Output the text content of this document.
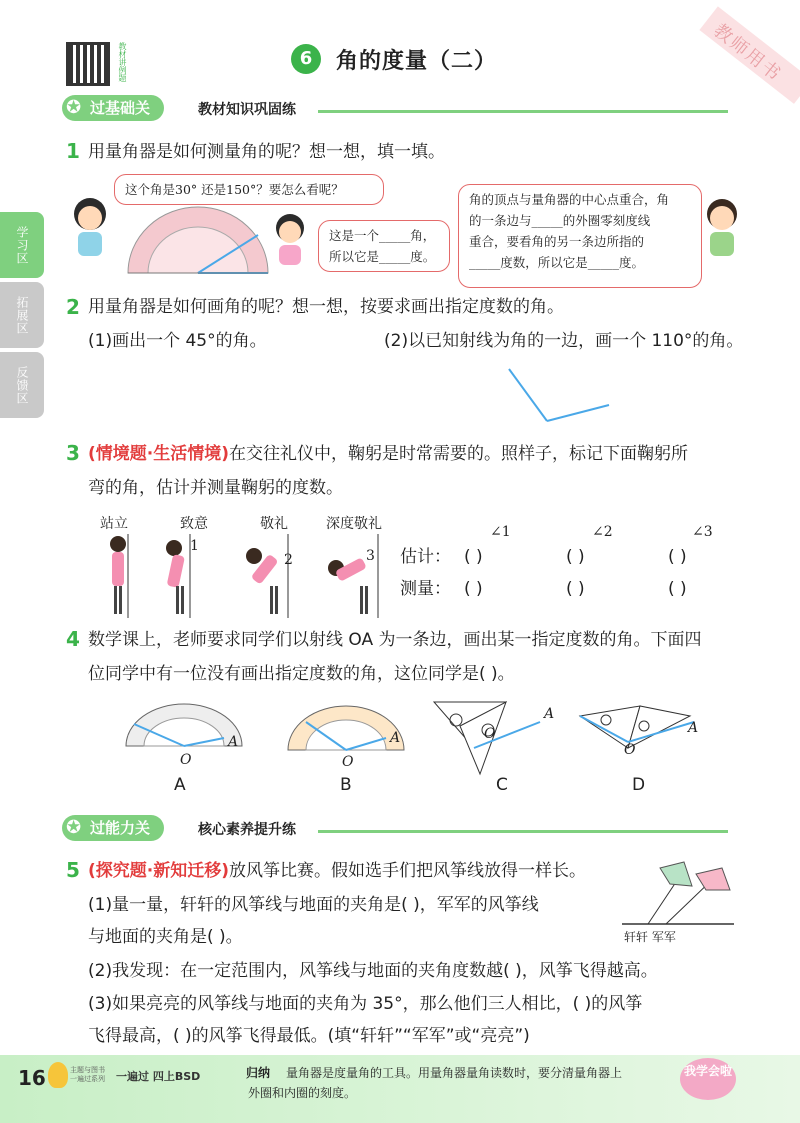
教材讲例题	6	角的度量（二）	教师用书
学习区
拓展区
反馈区
过基础关
✪	教材知识巩固练
1 用量角器是如何测量角的呢？想一想，填一填。
这个角是30° 还是150°？要怎么看呢？
这是一个_____角，
所以它是_____度。
角的顶点与量角器的中心点重合，角
的一条边与_____的外圈零刻度线
重合，要看角的另一条边所指的
_____度数，所以它是_____度。
2 用量角器是如何画角的呢？想一想，按要求画出指定度数的角。
(1)画出一个 45°的角。	(2)以已知射线为角的一边，画一个 110°的角。
3 (情境题·生活情境)在交往礼仪中，鞠躬是时常需要的。照样子，标记下面鞠躬所
弯的角，估计并测量鞠躬的度数。
站立	致意	敬礼	深度敬礼
1
2	3
∠1	∠2	∠3
估计： ( )	( )	( )
测量： ( )	( )	( )
4 数学课上，老师要求同学们以射线 OA 为一条边，画出某一指定度数的角。下面四
位同学中有一位没有画出指定度数的角，这位同学是( )。
O
A
O
A	O
A
O
A
A	B	C	D
过能力关
✪	核心素养提升练
5 (探究题·新知迁移)放风筝比赛。假如选手们把风筝线放得一样长。
(1)量一量，轩轩的风筝线与地面的夹角是( )，军军的风筝线
与地面的夹角是( )。
(2)我发现：在一定范围内，风筝线与地面的夹角度数越( )，风筝飞得越高。
(3)如果亮亮的风筝线与地面的夹角为 35°，那么他们三人相比，( )的风筝
飞得最高，( )的风筝飞得最低。(填“轩轩”“军军”或“亮亮”)
轩轩 军军
16	主题与图书 一遍过系列	一遍过 四上BSD	归纳 量角器是度量角的工具。用量角器量角读数时，要分清量角器上
外圈和内圈的刻度。
我学会啦
